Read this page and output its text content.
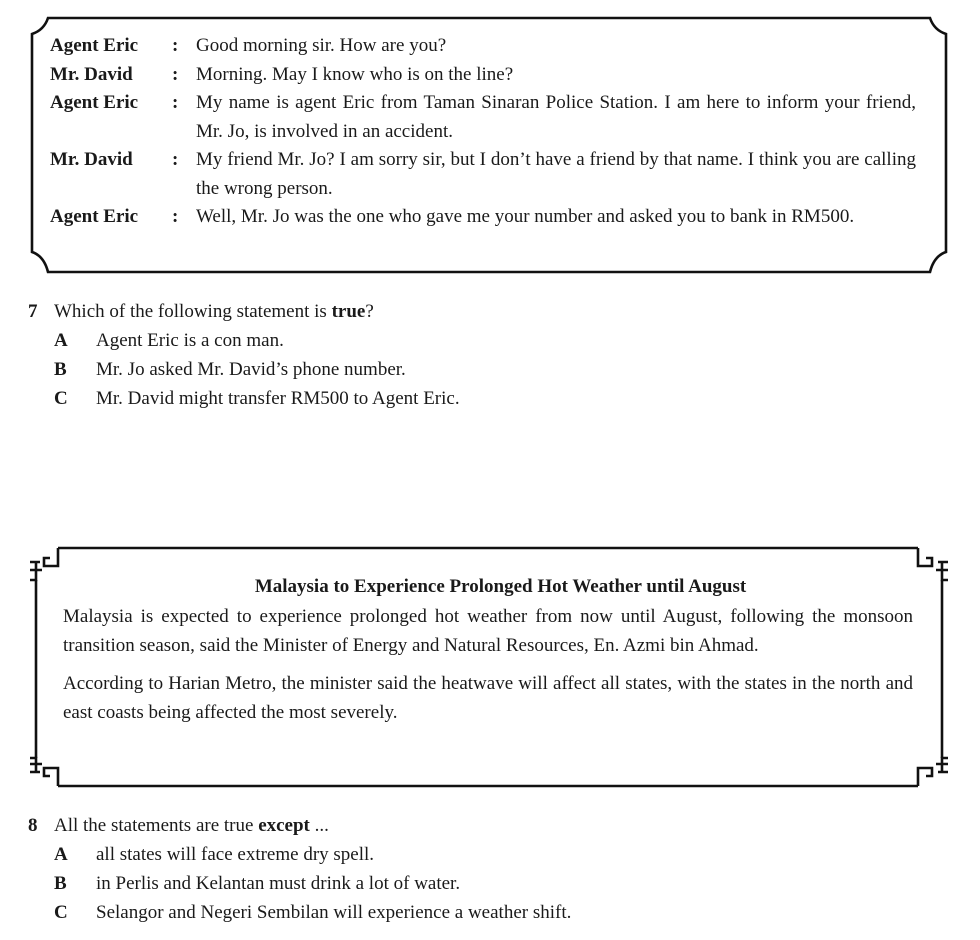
Agent Eric	: Good morning sir. How are you?
Mr. David	: Morning. May I know who is on the line?
Agent Eric	: My name is agent Eric from Taman Sinaran Police Station. I am here to inform your friend, Mr. Jo, is involved in an accident.
Mr. David	: My friend Mr. Jo? I am sorry sir, but I don’t have a friend by that name. I think you are calling the wrong person.
Agent Eric	: Well, Mr. Jo was the one who gave me your number and asked you to bank in RM500.
7 Which of the following statement is true?
A	Agent Eric is a con man.
B	Mr. Jo asked Mr. David’s phone number.
C	Mr. David might transfer RM500 to Agent Eric.
Malaysia to Experience Prolonged Hot Weather until August

Malaysia is expected to experience prolonged hot weather from now until August, following the monsoon transition season, said the Minister of Energy and Natural Resources, En. Azmi bin Ahmad.

According to Harian Metro, the minister said the heatwave will affect all states, with the states in the north and east coasts being affected the most severely.

8 All the statements are true except ...
A	all states will face extreme dry spell.
B	in Perlis and Kelantan must drink a lot of water.
C	Selangor and Negeri Sembilan will experience a weather shift.
